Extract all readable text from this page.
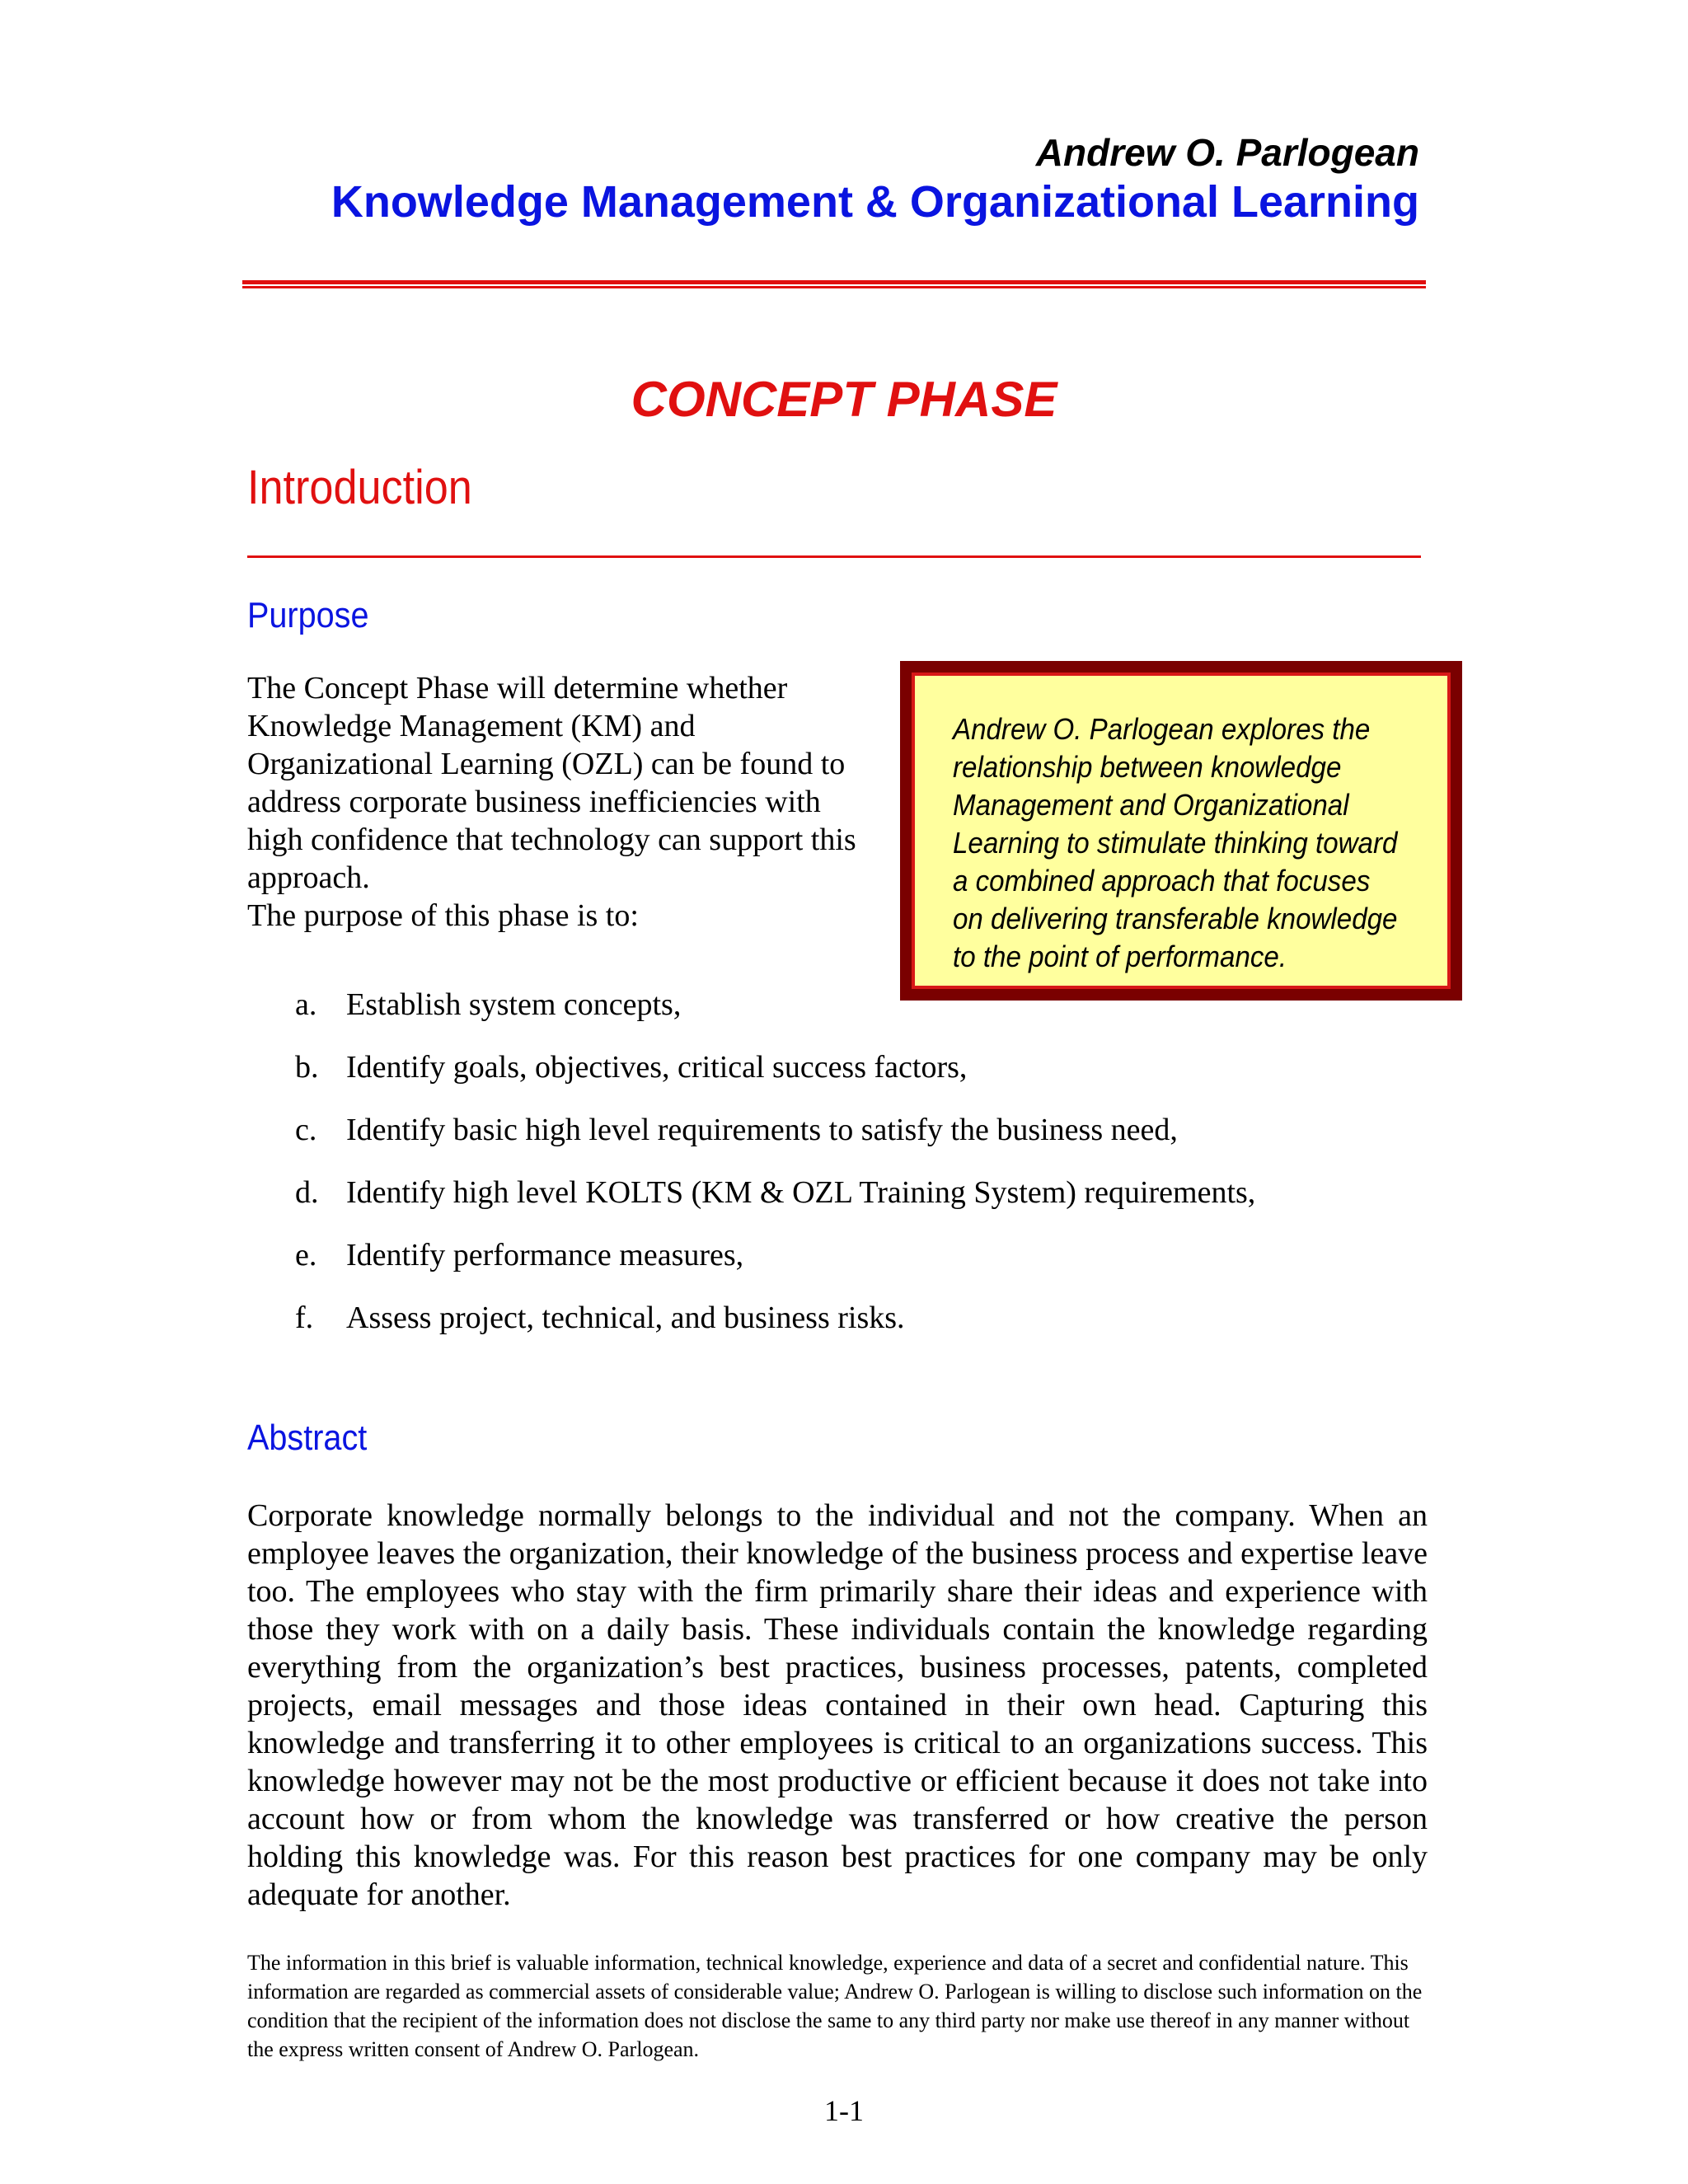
Andrew O. Parlogean
Knowledge Management & Organizational Learning
CONCEPT PHASE
Introduction
Purpose

The Concept Phase will determine whether Knowledge Management (KM) and Organizational Learning (OZL) can be found to address corporate business inefficiencies with high confidence that technology can support this approach.

The purpose of this phase is to:

Andrew O. Parlogean explores the relationship between knowledge Management and Organizational Learning to stimulate thinking toward a combined approach that focuses on delivering transferable knowledge to the point of performance.
a. Establish system concepts,
b. Identify goals, objectives, critical success factors,
c. Identify basic high level requirements to satisfy the business need,
d. Identify high level KOLTS (KM & OZL Training System) requirements,
e. Identify performance measures,
f. Assess project, technical, and business risks.
Abstract

Corporate knowledge normally belongs to the individual and not the company. When an employee leaves the organization, their knowledge of the business process and expertise leave too. The employees who stay with the firm primarily share their ideas and experience with those they work with on a daily basis. These individuals contain the knowledge regarding everything from the organization’s best practices, business processes, patents, completed projects, email messages and those ideas contained in their own head. Capturing this knowledge and transferring it to other employees is critical to an organizations success. This knowledge however may not be the most productive or efficient because it does not take into account how or from whom the knowledge was transferred or how creative the person holding this knowledge was. For this reason best practices for one company may be only adequate for another.

The information in this brief is valuable information, technical knowledge, experience and data of a secret and confidential nature. This information are regarded as commercial assets of considerable value; Andrew O. Parlogean is willing to disclose such information on the condition that the recipient of the information does not disclose the same to any third party nor make use thereof in any manner without the express written consent of Andrew O. Parlogean.

1-1
